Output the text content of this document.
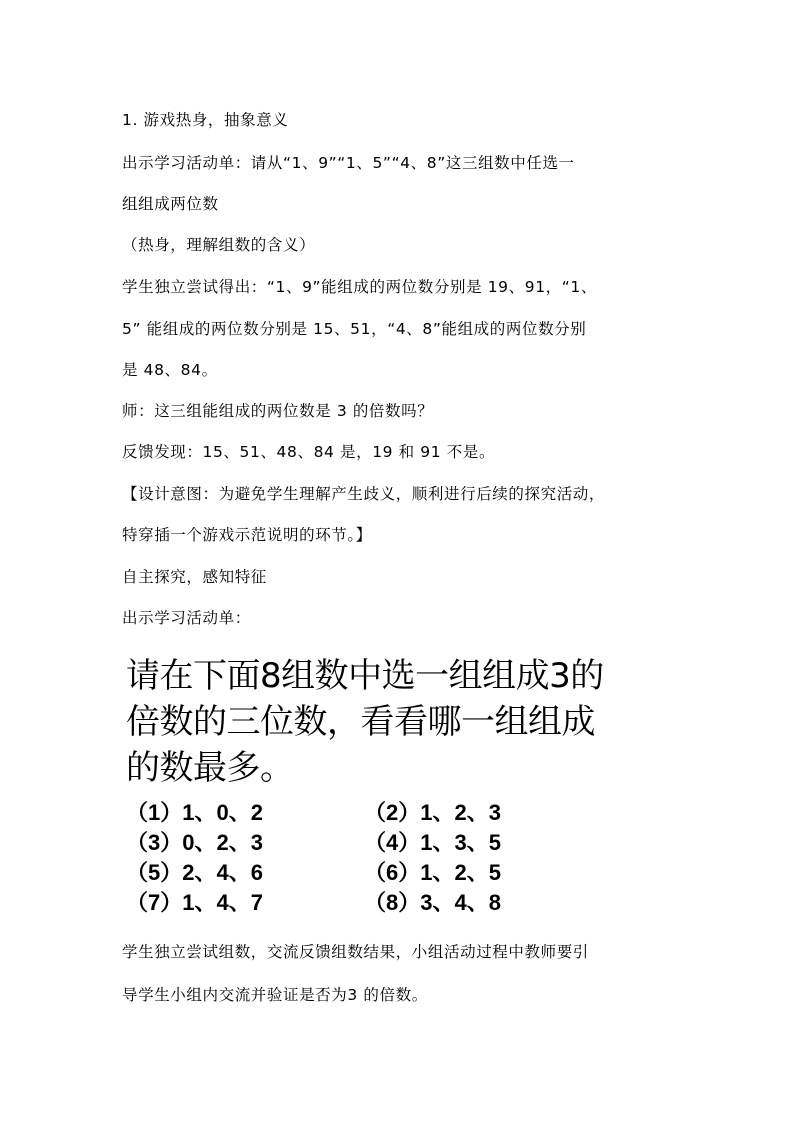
1. 游戏热身，抽象意义
出示学习活动单：请从“1、9”“1、5”“4、8”这三组数中任选一
组组成两位数
（热身，理解组数的含义）
学生独立尝试得出：“1、9”能组成的两位数分别是 19、91，“1、
5” 能组成的两位数分别是 15、51，“4、8”能组成的两位数分别
是 48、84。
师：这三组能组成的两位数是 3 的倍数吗？
反馈发现：15、51、48、84 是，19 和 91 不是。
【设计意图：为避免学生理解产生歧义，顺利进行后续的探究活动，
特穿插一个游戏示范说明的环节。】
自主探究，感知特征
出示学习活动单：
请在下面8组数中选一组组成3的
倍数的三位数，看看哪一组组成
的数最多。
（1）1、0、2	（2）1、2、3
（3）0、2、3	（4）1、3、5
（5）2、4、6	（6）1、2、5
（7）1、4、7	（8）3、4、8
学生独立尝试组数，交流反馈组数结果，小组活动过程中教师要引
导学生小组内交流并验证是否为3 的倍数。
